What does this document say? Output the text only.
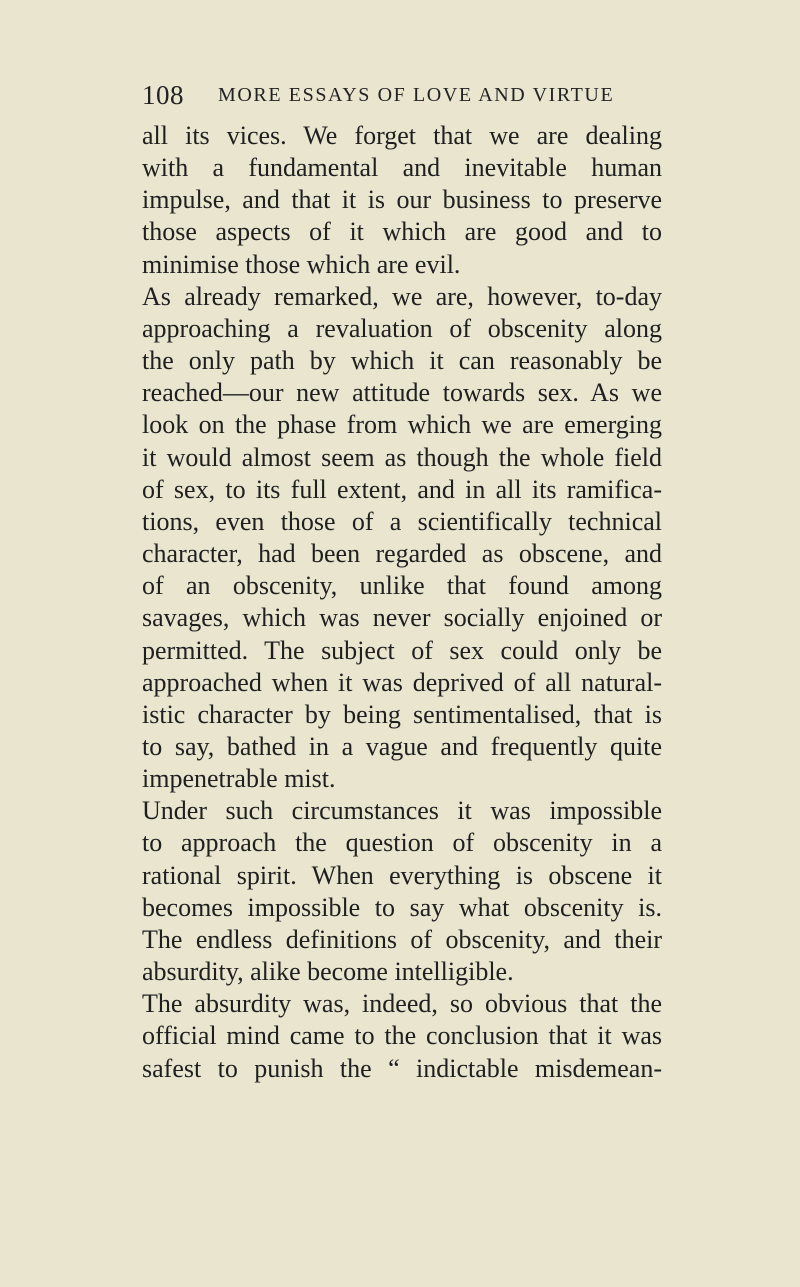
108 MORE ESSAYS OF LOVE AND VIRTUE

all its vices. We forget that we are dealing
with a fundamental and inevitable human
impulse, and that it is our business to preserve
those aspects of it which are good and to
minimise those which are evil.

As already remarked, we are, however, to-day
approaching a revaluation of obscenity along
the only path by which it can reasonably be
reached—our new attitude towards sex. As we
look on the phase from which we are emerging
it would almost seem as though the whole field
of sex, to its full extent, and in all its ramifica-
tions, even those of a scientifically technical
character, had been regarded as obscene, and
of an obscenity, unlike that found among
savages, which was never socially enjoined or
permitted. The subject of sex could only be
approached when it was deprived of all natural-
istic character by being sentimentalised, that is
to say, bathed in a vague and frequently quite
impenetrable mist.

Under such circumstances it was impossible
to approach the question of obscenity in a
rational spirit. When everything is obscene it
becomes impossible to say what obscenity is.
The endless definitions of obscenity, and their
absurdity, alike become intelligible.

The absurdity was, indeed, so obvious that the
official mind came to the conclusion that it was
safest to punish the “ indictable misdemean-
